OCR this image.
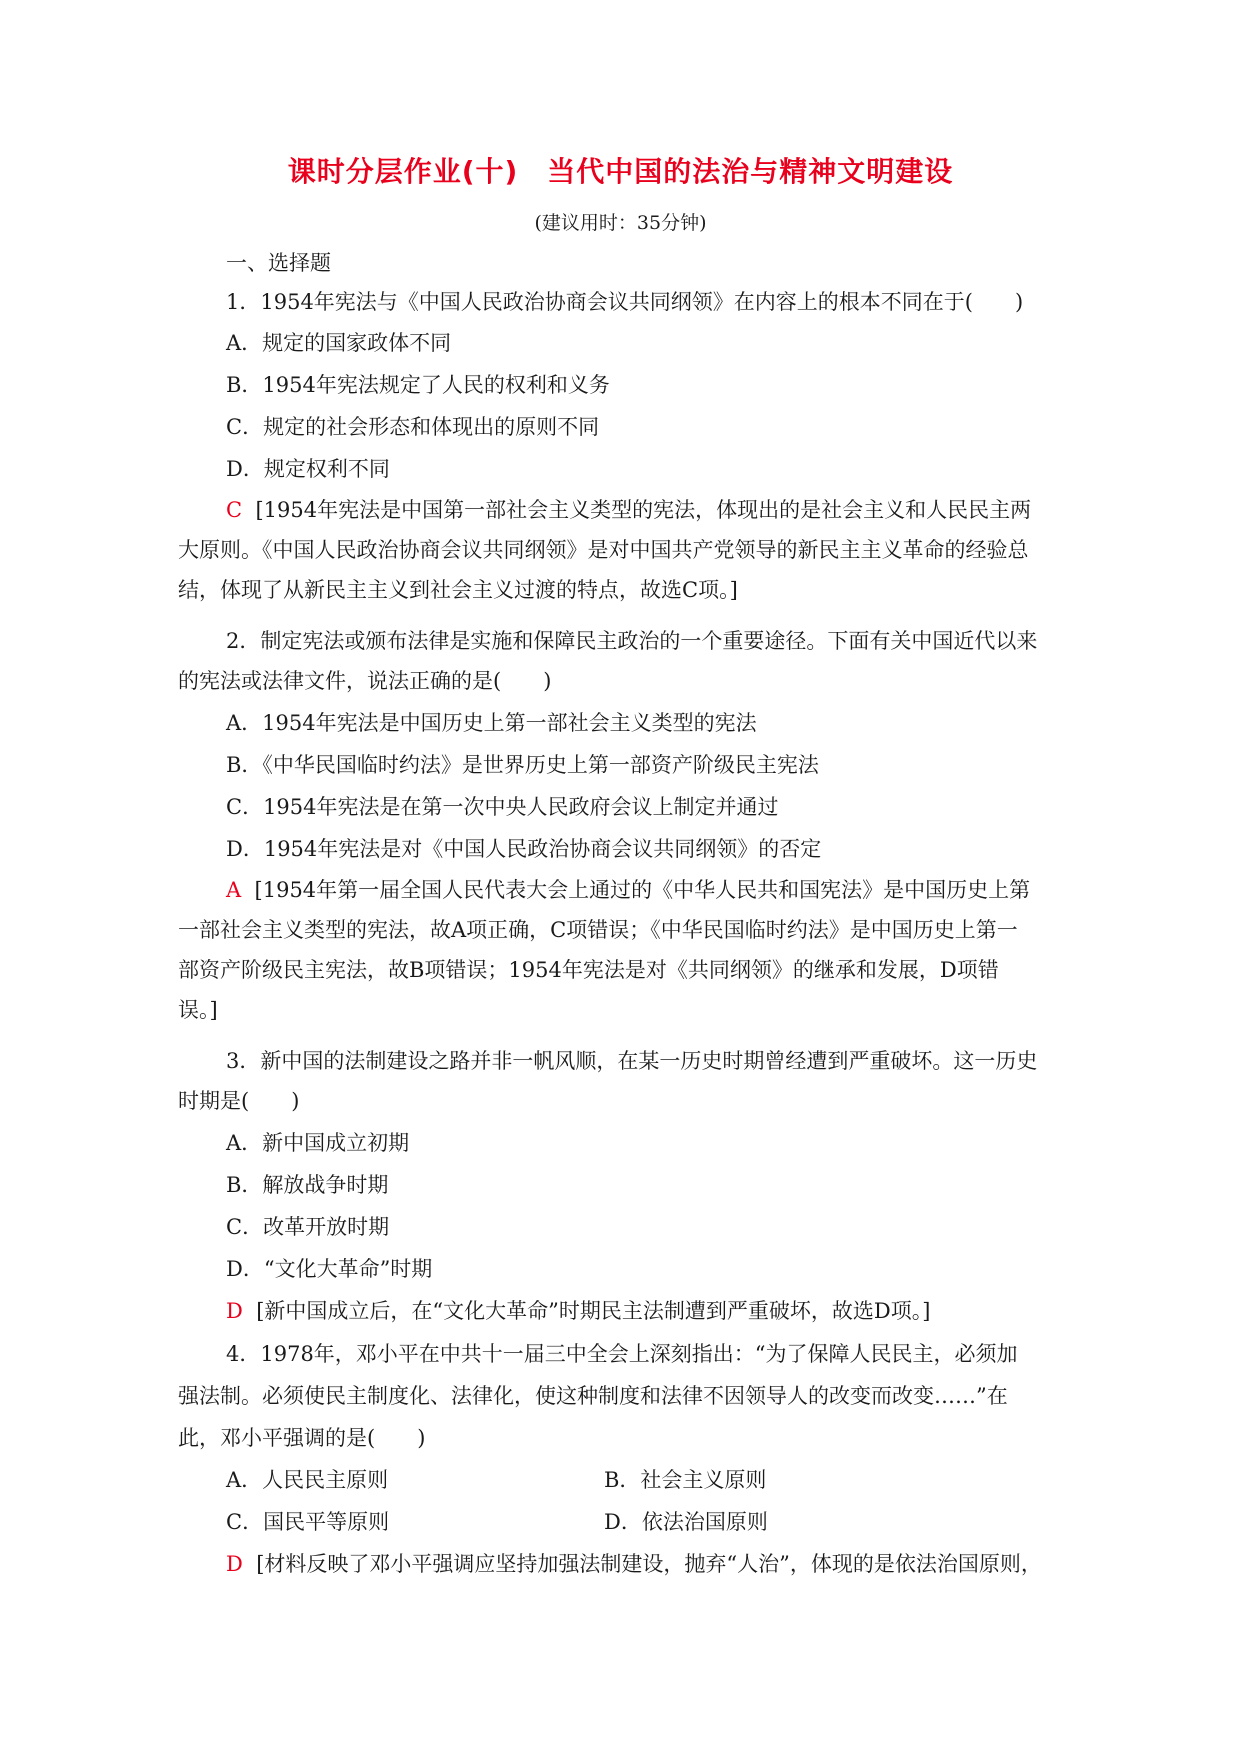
课时分层作业(十)　当代中国的法治与精神文明建设
(建议用时：35分钟)
一、选择题
1．1954年宪法与《中国人民政治协商会议共同纲领》在内容上的根本不同在于(　　)
A．规定的国家政体不同
B．1954年宪法规定了人民的权利和义务
C．规定的社会形态和体现出的原则不同
D．规定权利不同
C [1954年宪法是中国第一部社会主义类型的宪法，体现出的是社会主义和人民民主两
大原则。《中国人民政治协商会议共同纲领》是对中国共产党领导的新民主主义革命的经验总
结，体现了从新民主主义到社会主义过渡的特点，故选C项。]
2．制定宪法或颁布法律是实施和保障民主政治的一个重要途径。下面有关中国近代以来
的宪法或法律文件，说法正确的是(　　)
A．1954年宪法是中国历史上第一部社会主义类型的宪法
B．《中华民国临时约法》是世界历史上第一部资产阶级民主宪法
C．1954年宪法是在第一次中央人民政府会议上制定并通过
D．1954年宪法是对《中国人民政治协商会议共同纲领》的否定
A [1954年第一届全国人民代表大会上通过的《中华人民共和国宪法》是中国历史上第
一部社会主义类型的宪法，故A项正确，C项错误；《中华民国临时约法》是中国历史上第一
部资产阶级民主宪法，故B项错误；1954年宪法是对《共同纲领》的继承和发展，D项错
误。]
3．新中国的法制建设之路并非一帆风顺，在某一历史时期曾经遭到严重破坏。这一历史
时期是(　　)
A．新中国成立初期
B．解放战争时期
C．改革开放时期
D．“文化大革命”时期
D [新中国成立后，在“文化大革命”时期民主法制遭到严重破坏，故选D项。]
4．1978年，邓小平在中共十一届三中全会上深刻指出：“为了保障人民民主，必须加
强法制。必须使民主制度化、法律化，使这种制度和法律不因领导人的改变而改变……”在
此，邓小平强调的是(　　)
A．人民民主原则	B．社会主义原则
C．国民平等原则	D．依法治国原则
D [材料反映了邓小平强调应坚持加强法制建设，抛弃“人治”，体现的是依法治国原则，
